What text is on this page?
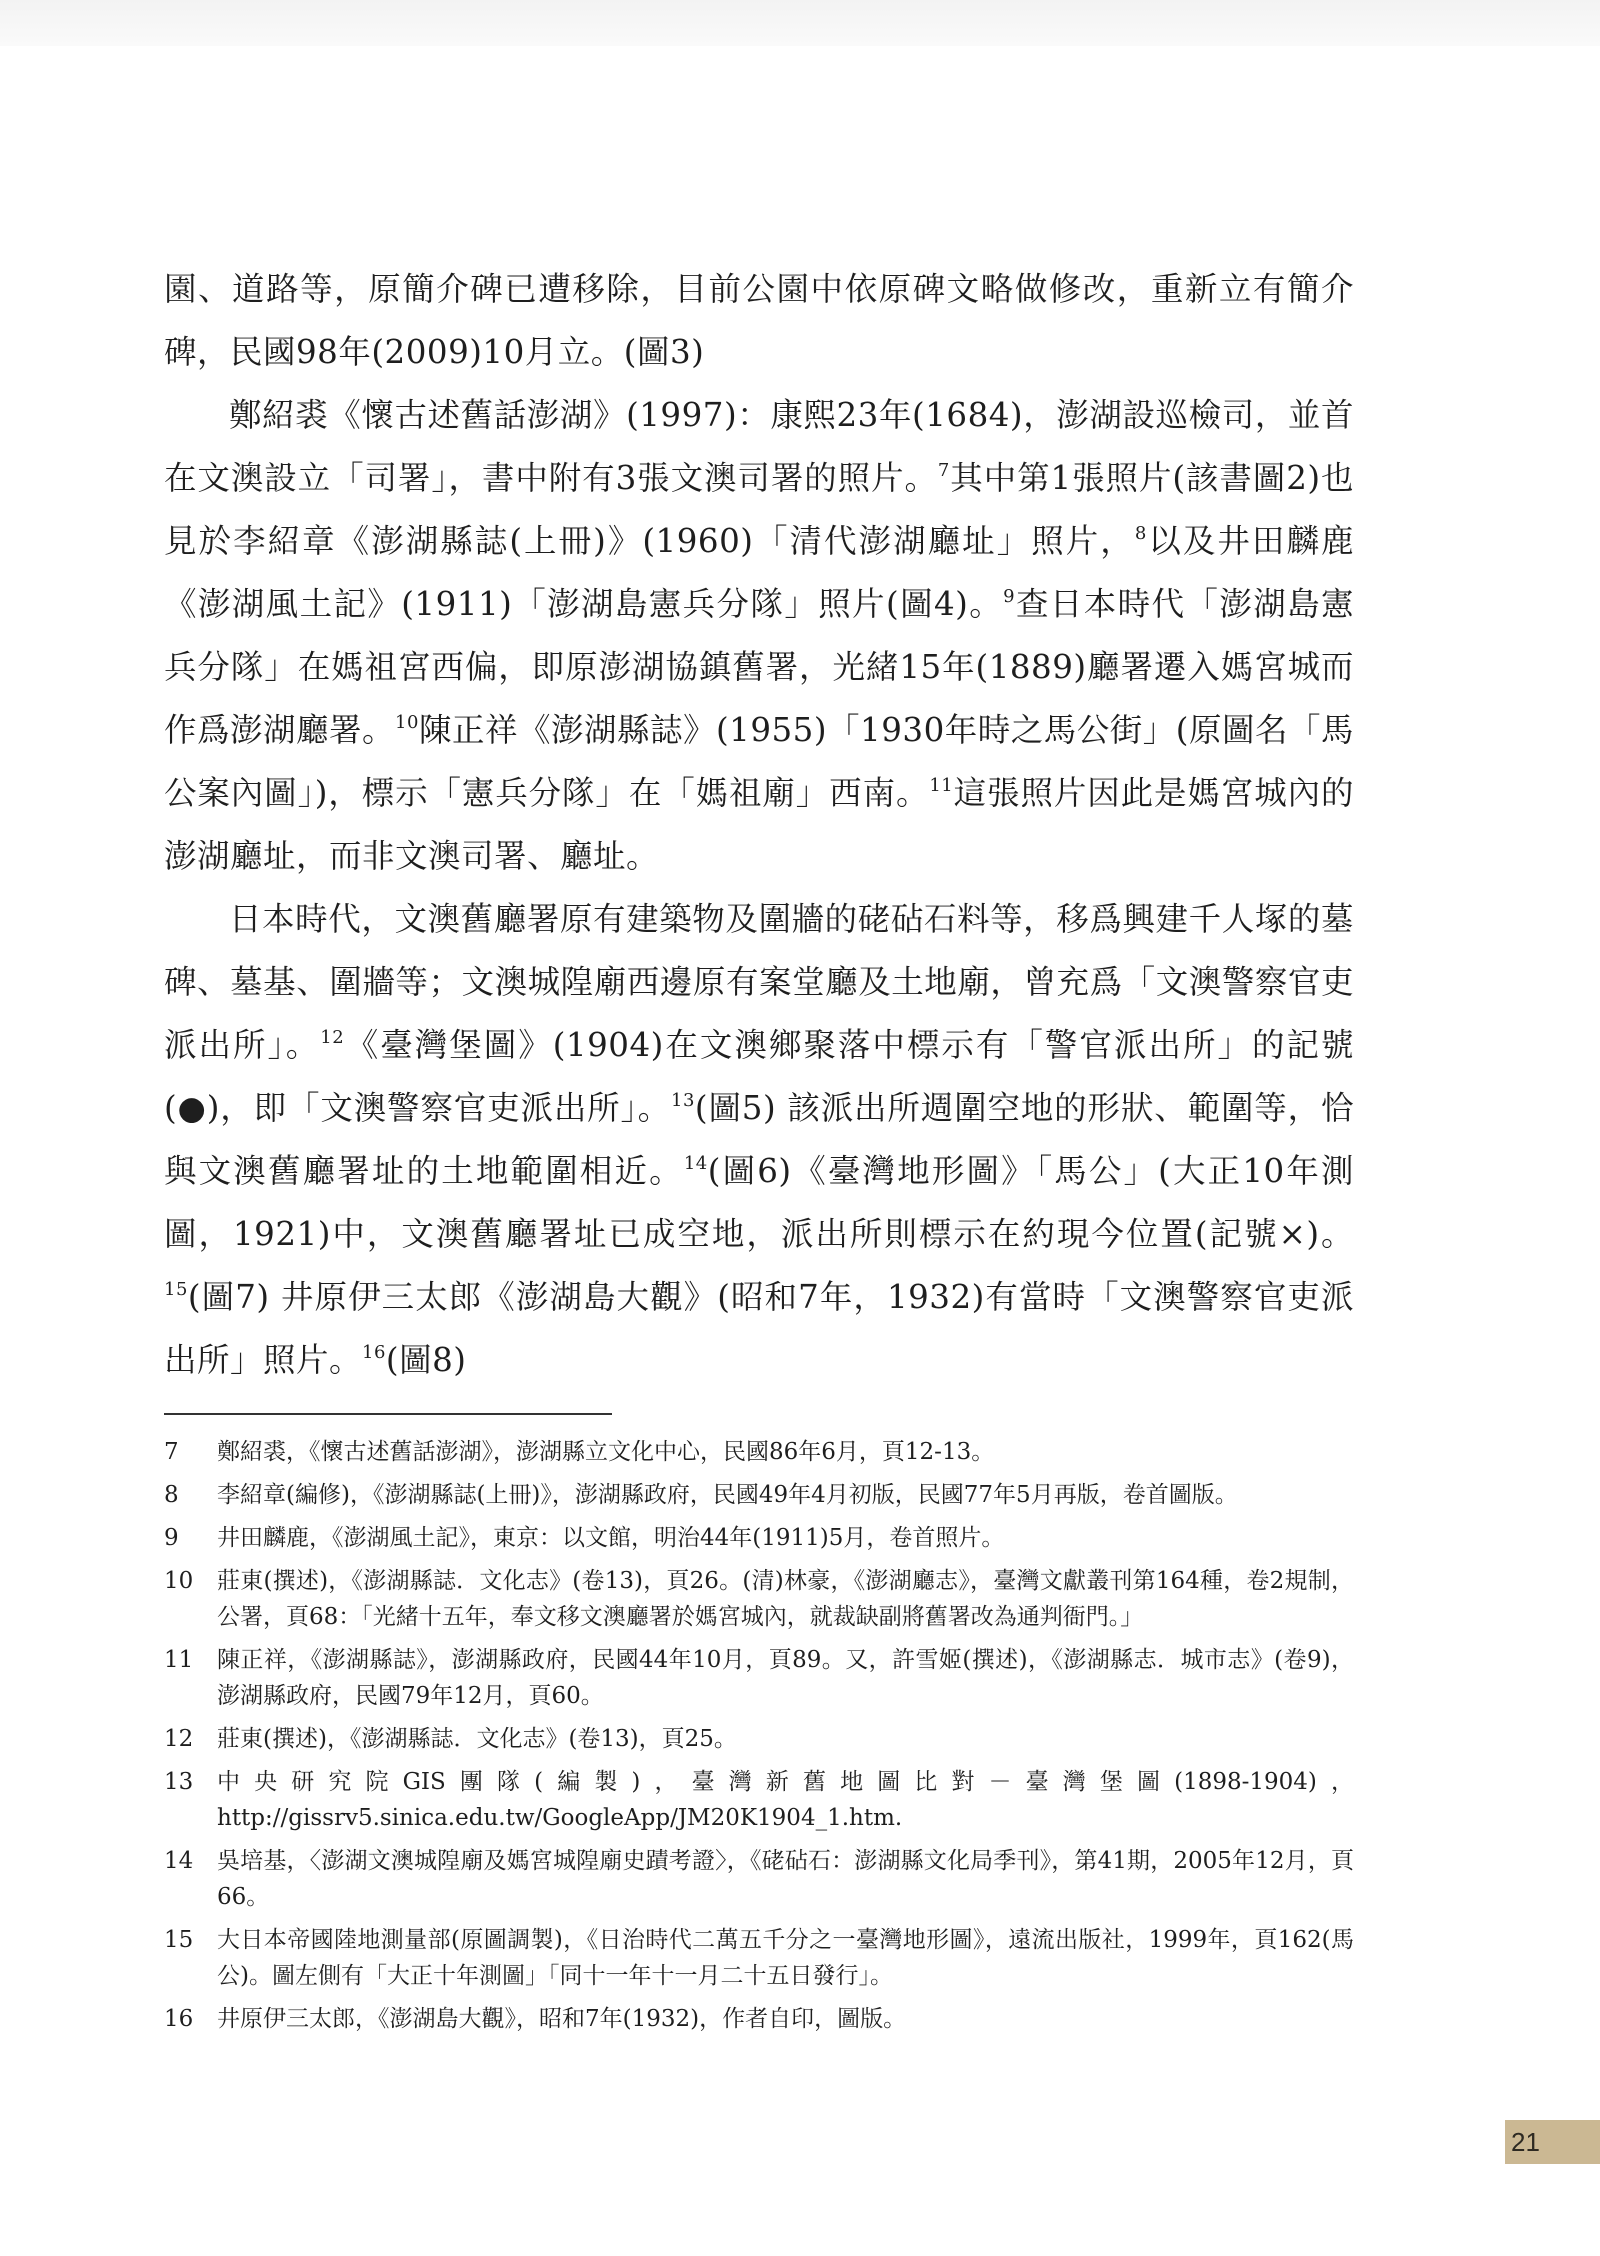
園、道路等，原簡介碑已遭移除，目前公園中依原碑文略做修改，重新立有簡介碑，民國98年(2009)10月立。(圖3)

鄭紹裘《懷古述舊話澎湖》(1997)：康熙23年(1684)，澎湖設巡檢司，並首在文澳設立「司署」，書中附有3張文澳司署的照片。$^7$其中第1張照片(該書圖2)也見於李紹章《澎湖縣誌(上冊)》(1960)「清代澎湖廳址」照片，$^8$以及井田麟鹿《澎湖風土記》(1911)「澎湖島憲兵分隊」照片(圖4)。$^9$查日本時代「澎湖島憲兵分隊」在媽祖宮西偏，即原澎湖協鎮舊署，光緒15年(1889)廳署遷入媽宮城而作爲澎湖廳署。$^{10}$陳正祥《澎湖縣誌》(1955)「1930年時之馬公街」(原圖名「馬公案內圖」)，標示「憲兵分隊」在「媽祖廟」西南。$^{11}$這張照片因此是媽宮城內的澎湖廳址，而非文澳司署、廳址。

日本時代，文澳舊廳署原有建築物及圍牆的硓砧石料等，移爲興建千人塚的墓碑、墓基、圍牆等；文澳城隍廟西邊原有案堂廳及土地廟，曾充爲「文澳警察官吏派出所」。$^{12}$《臺灣堡圖》(1904)在文澳鄉聚落中標示有「警官派出所」的記號(●)，即「文澳警察官吏派出所」。$^{13}$(圖5) 該派出所週圍空地的形狀、範圍等，恰與文澳舊廳署址的土地範圍相近。$^{14}$(圖6)《臺灣地形圖》「馬公」(大正10年測圖，1921)中，文澳舊廳署址已成空地，派出所則標示在約現今位置(記號×)。$^{15}$(圖7) 井原伊三太郎《澎湖島大觀》(昭和7年，1932)有當時「文澳警察官吏派出所」照片。$^{16}$(圖8)

7	鄭紹裘，《懷古述舊話澎湖》，澎湖縣立文化中心，民國86年6月，頁12-13。
8	李紹章(編修)，《澎湖縣誌(上冊)》，澎湖縣政府，民國49年4月初版，民國77年5月再版，卷首圖版。
9	井田麟鹿，《澎湖風土記》，東京：以文館，明治44年(1911)5月，卷首照片。
10	莊東(撰述)，《澎湖縣誌．文化志》(卷13)，頁26。(清)林豪，《澎湖廳志》，臺灣文獻叢刊第164種，卷2規制，公署，頁68：「光緒十五年，奉文移文澳廳署於媽宮城內，就裁缺副將舊署改為通判衙門。」
11	陳正祥，《澎湖縣誌》，澎湖縣政府，民國44年10月，頁89。又，許雪姬(撰述)，《澎湖縣志．城市志》(卷9)，澎湖縣政府，民國79年12月，頁60。
12	莊東(撰述)，《澎湖縣誌．文化志》(卷13)，頁25。
13	中央研究院GIS團隊(編製)，臺灣新舊地圖比對－臺灣堡圖(1898-1904)，http://gissrv5.sinica.edu.tw/GoogleApp/JM20K1904_1.htm.
14	吳培基，〈澎湖文澳城隍廟及媽宮城隍廟史蹟考證〉，《硓砧石：澎湖縣文化局季刊》，第41期，2005年12月，頁66。
15	大日本帝國陸地測量部(原圖調製)，《日治時代二萬五千分之一臺灣地形圖》，遠流出版社，1999年，頁162(馬公)。圖左側有「大正十年測圖」「同十一年十一月二十五日發行」。
16	井原伊三太郎，《澎湖島大觀》，昭和7年(1932)，作者自印，圖版。
21
